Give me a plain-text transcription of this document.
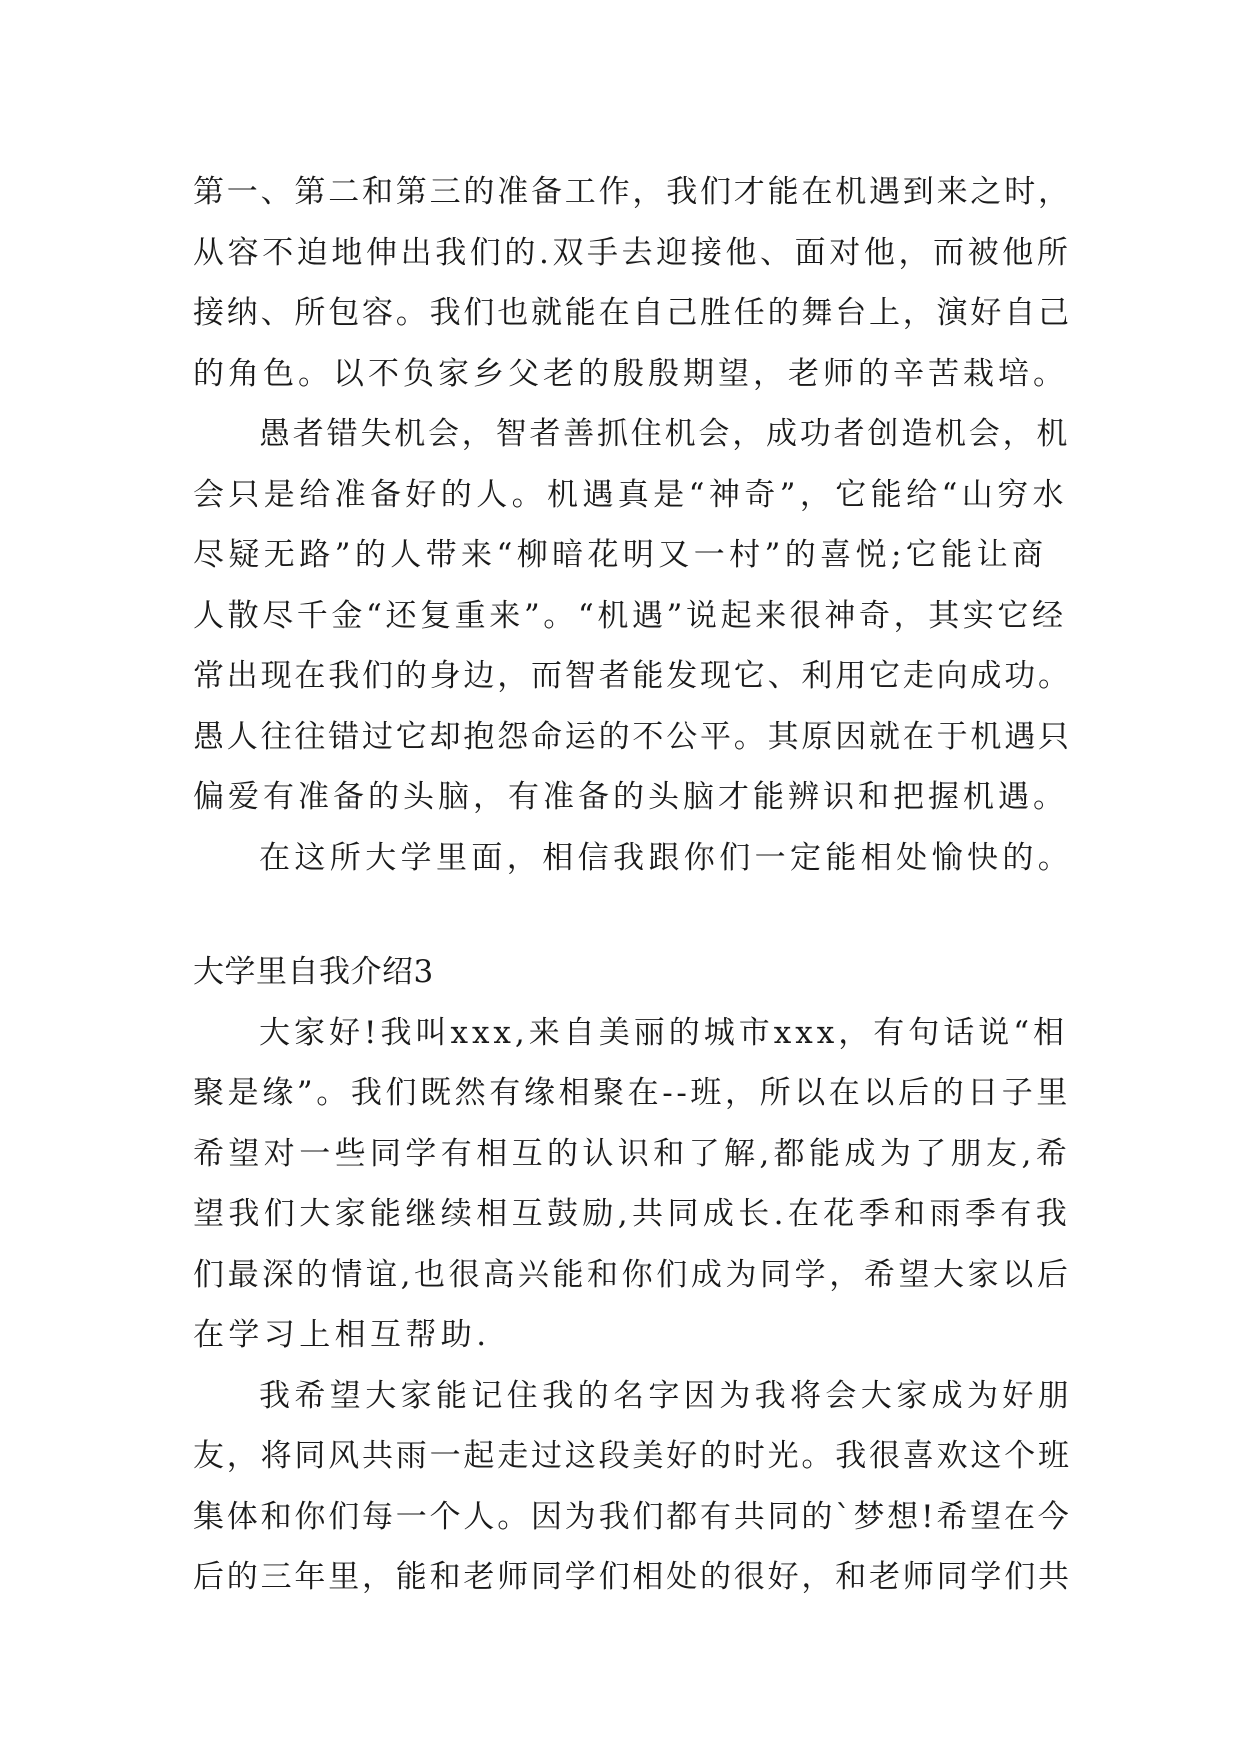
第一、第二和第三的准备工作，我们才能在机遇到来之时，
从容不迫地伸出我们的.双手去迎接他、面对他，而被他所
接纳、所包容。我们也就能在自己胜任的舞台上，演好自己
的角色。以不负家乡父老的殷殷期望，老师的辛苦栽培。
愚者错失机会，智者善抓住机会，成功者创造机会，机
会只是给准备好的人。机遇真是“神奇”，它能给“山穷水
尽疑无路”的人带来“柳暗花明又一村”的喜悦;它能让商
人散尽千金“还复重来”。“机遇”说起来很神奇，其实它经
常出现在我们的身边，而智者能发现它、利用它走向成功。
愚人往往错过它却抱怨命运的不公平。其原因就在于机遇只
偏爱有准备的头脑，有准备的头脑才能辨识和把握机遇。
在这所大学里面，相信我跟你们一定能相处愉快的。
大学里自我介绍3
大家好!我叫xxx,来自美丽的城市xxx，有句话说“相
聚是缘”。我们既然有缘相聚在--班，所以在以后的日子里
希望对一些同学有相互的认识和了解,都能成为了朋友,希
望我们大家能继续相互鼓励,共同成长.在花季和雨季有我
们最深的情谊,也很高兴能和你们成为同学，希望大家以后
在学习上相互帮助.
我希望大家能记住我的名字因为我将会大家成为好朋
友，将同风共雨一起走过这段美好的时光。我很喜欢这个班
集体和你们每一个人。因为我们都有共同的`梦想!希望在今
后的三年里，能和老师同学们相处的很好，和老师同学们共
